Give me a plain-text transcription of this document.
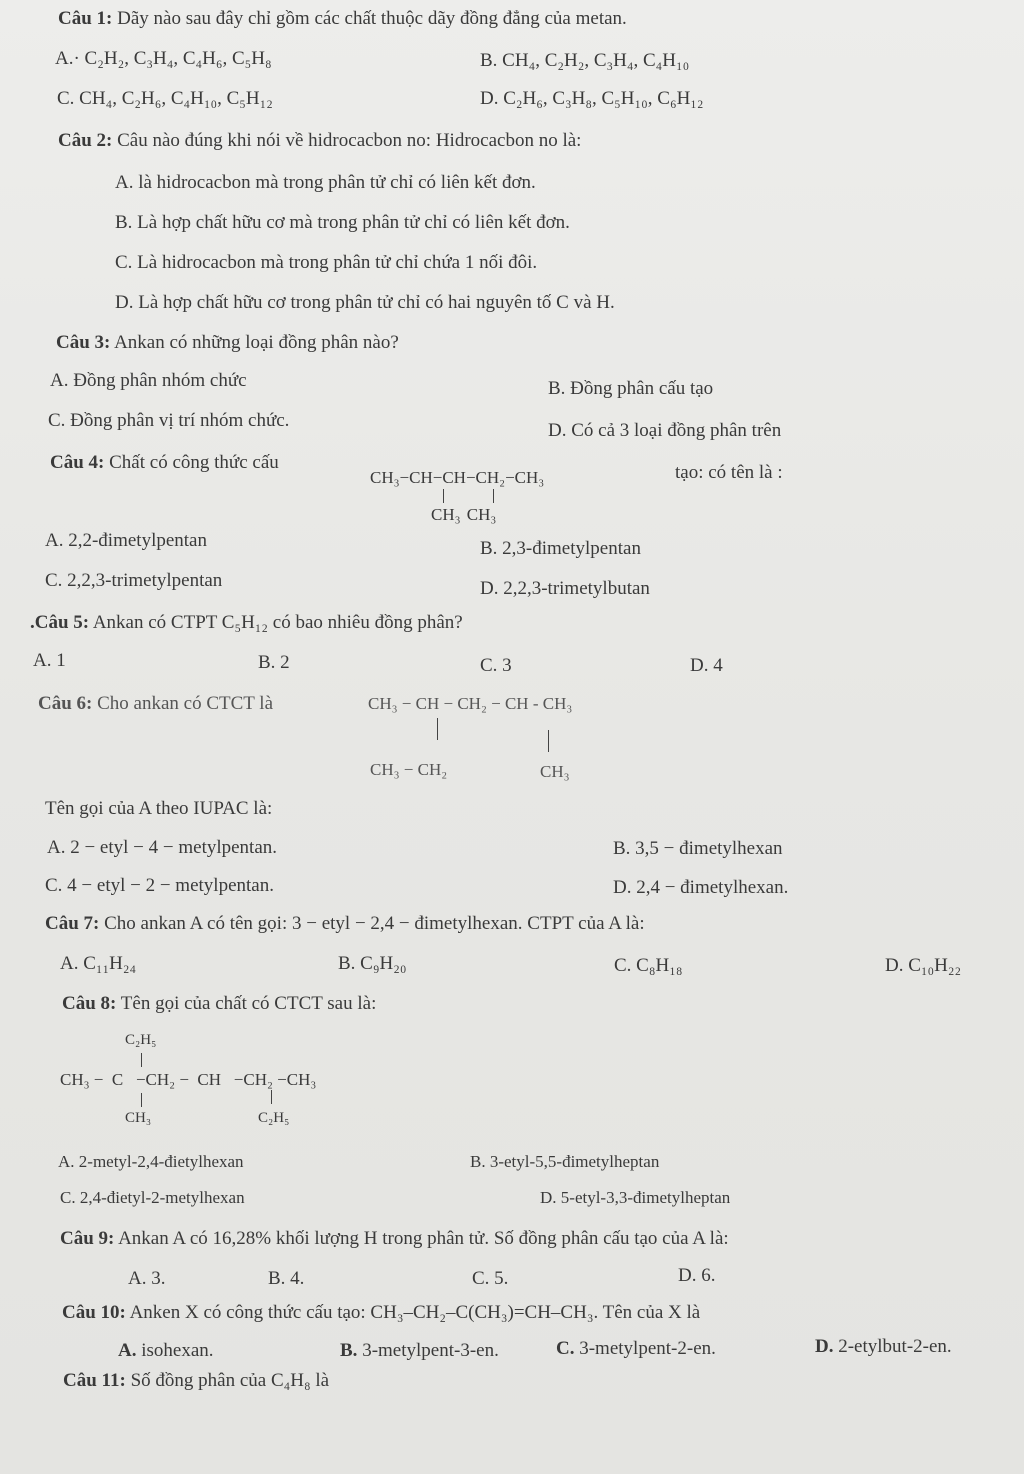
Câu 1: Dãy nào sau đây chỉ gồm các chất thuộc dãy đồng đẳng của metan.
A.· C₂H₂, C₃H₄, C₄H₆, C₅H₈	B. CH₄, C₂H₂, C₃H₄, C₄H₁₀
C. CH₄, C₂H₆, C₄H₁₀, C₅H₁₂	D. C₂H₆, C₃H₈, C₅H₁₀, C₆H₁₂
Câu 2: Câu nào đúng khi nói về hidrocacbon no: Hidrocacbon no là:
A. là hidrocacbon mà trong phân tử chỉ có liên kết đơn.
B. Là hợp chất hữu cơ mà trong phân tử chỉ có liên kết đơn.
C. Là hidrocacbon mà trong phân tử chỉ chứa 1 nối đôi.
D. Là hợp chất hữu cơ trong phân tử chỉ có hai nguyên tố C và H.
Câu 3: Ankan có những loại đồng phân nào?
A. Đồng phân nhóm chức	B. Đồng phân cấu tạo
C. Đồng phân vị trí nhóm chức.	D. Có cả 3 loại đồng phân trên
Câu 4: Chất có công thức cấu
CH₃−CH−CH−CH₂−CH₃
CH₃ CH₃
tạo: có tên là :
A. 2,2-đimetylpentan	B. 2,3-đimetylpentan
C. 2,2,3-trimetylpentan	D. 2,2,3-trimetylbutan
.Câu 5: Ankan có CTPT C₅H₁₂ có bao nhiêu đồng phân?
A. 1	B. 2	C. 3	D. 4
Câu 6: Cho ankan có CTCT là	CH₃ − CH − CH₂ − CH - CH₃
CH₃ − CH₂	CH₃
Tên gọi của A theo IUPAC là:
A. 2 − etyl − 4 − metylpentan.	B. 3,5 − đimetylhexan
C. 4 − etyl − 2 − metylpentan.	D. 2,4 − đimetylhexan.
Câu 7: Cho ankan A có tên gọi: 3 − etyl − 2,4 − đimetylhexan. CTPT của A là:
A. C₁₁H₂₄	B. C₉H₂₀	C. C₈H₁₈	D. C₁₀H₂₂
Câu 8: Tên gọi của chất có CTCT sau là:
C₂H₅
CH₃ −  C   −CH₂ −  CH   −CH₂ −CH₃
CH₃	C₂H₅
A. 2-metyl-2,4-đietylhexan	B. 3-etyl-5,5-đimetylheptan
C. 2,4-đietyl-2-metylhexan	D. 5-etyl-3,3-đimetylheptan
Câu 9: Ankan A có 16,28% khối lượng H trong phân tử. Số đồng phân cấu tạo của A là:
A. 3.	B. 4.	C. 5.	D. 6.
Câu 10: Anken X có công thức cấu tạo: CH₃–CH₂–C(CH₃)=CH–CH₃. Tên của X là
A. isohexan.	B. 3-metylpent-3-en.	C. 3-metylpent-2-en.	D. 2-etylbut-2-en.
Câu 11: Số đồng phân của C₄H₈ là
